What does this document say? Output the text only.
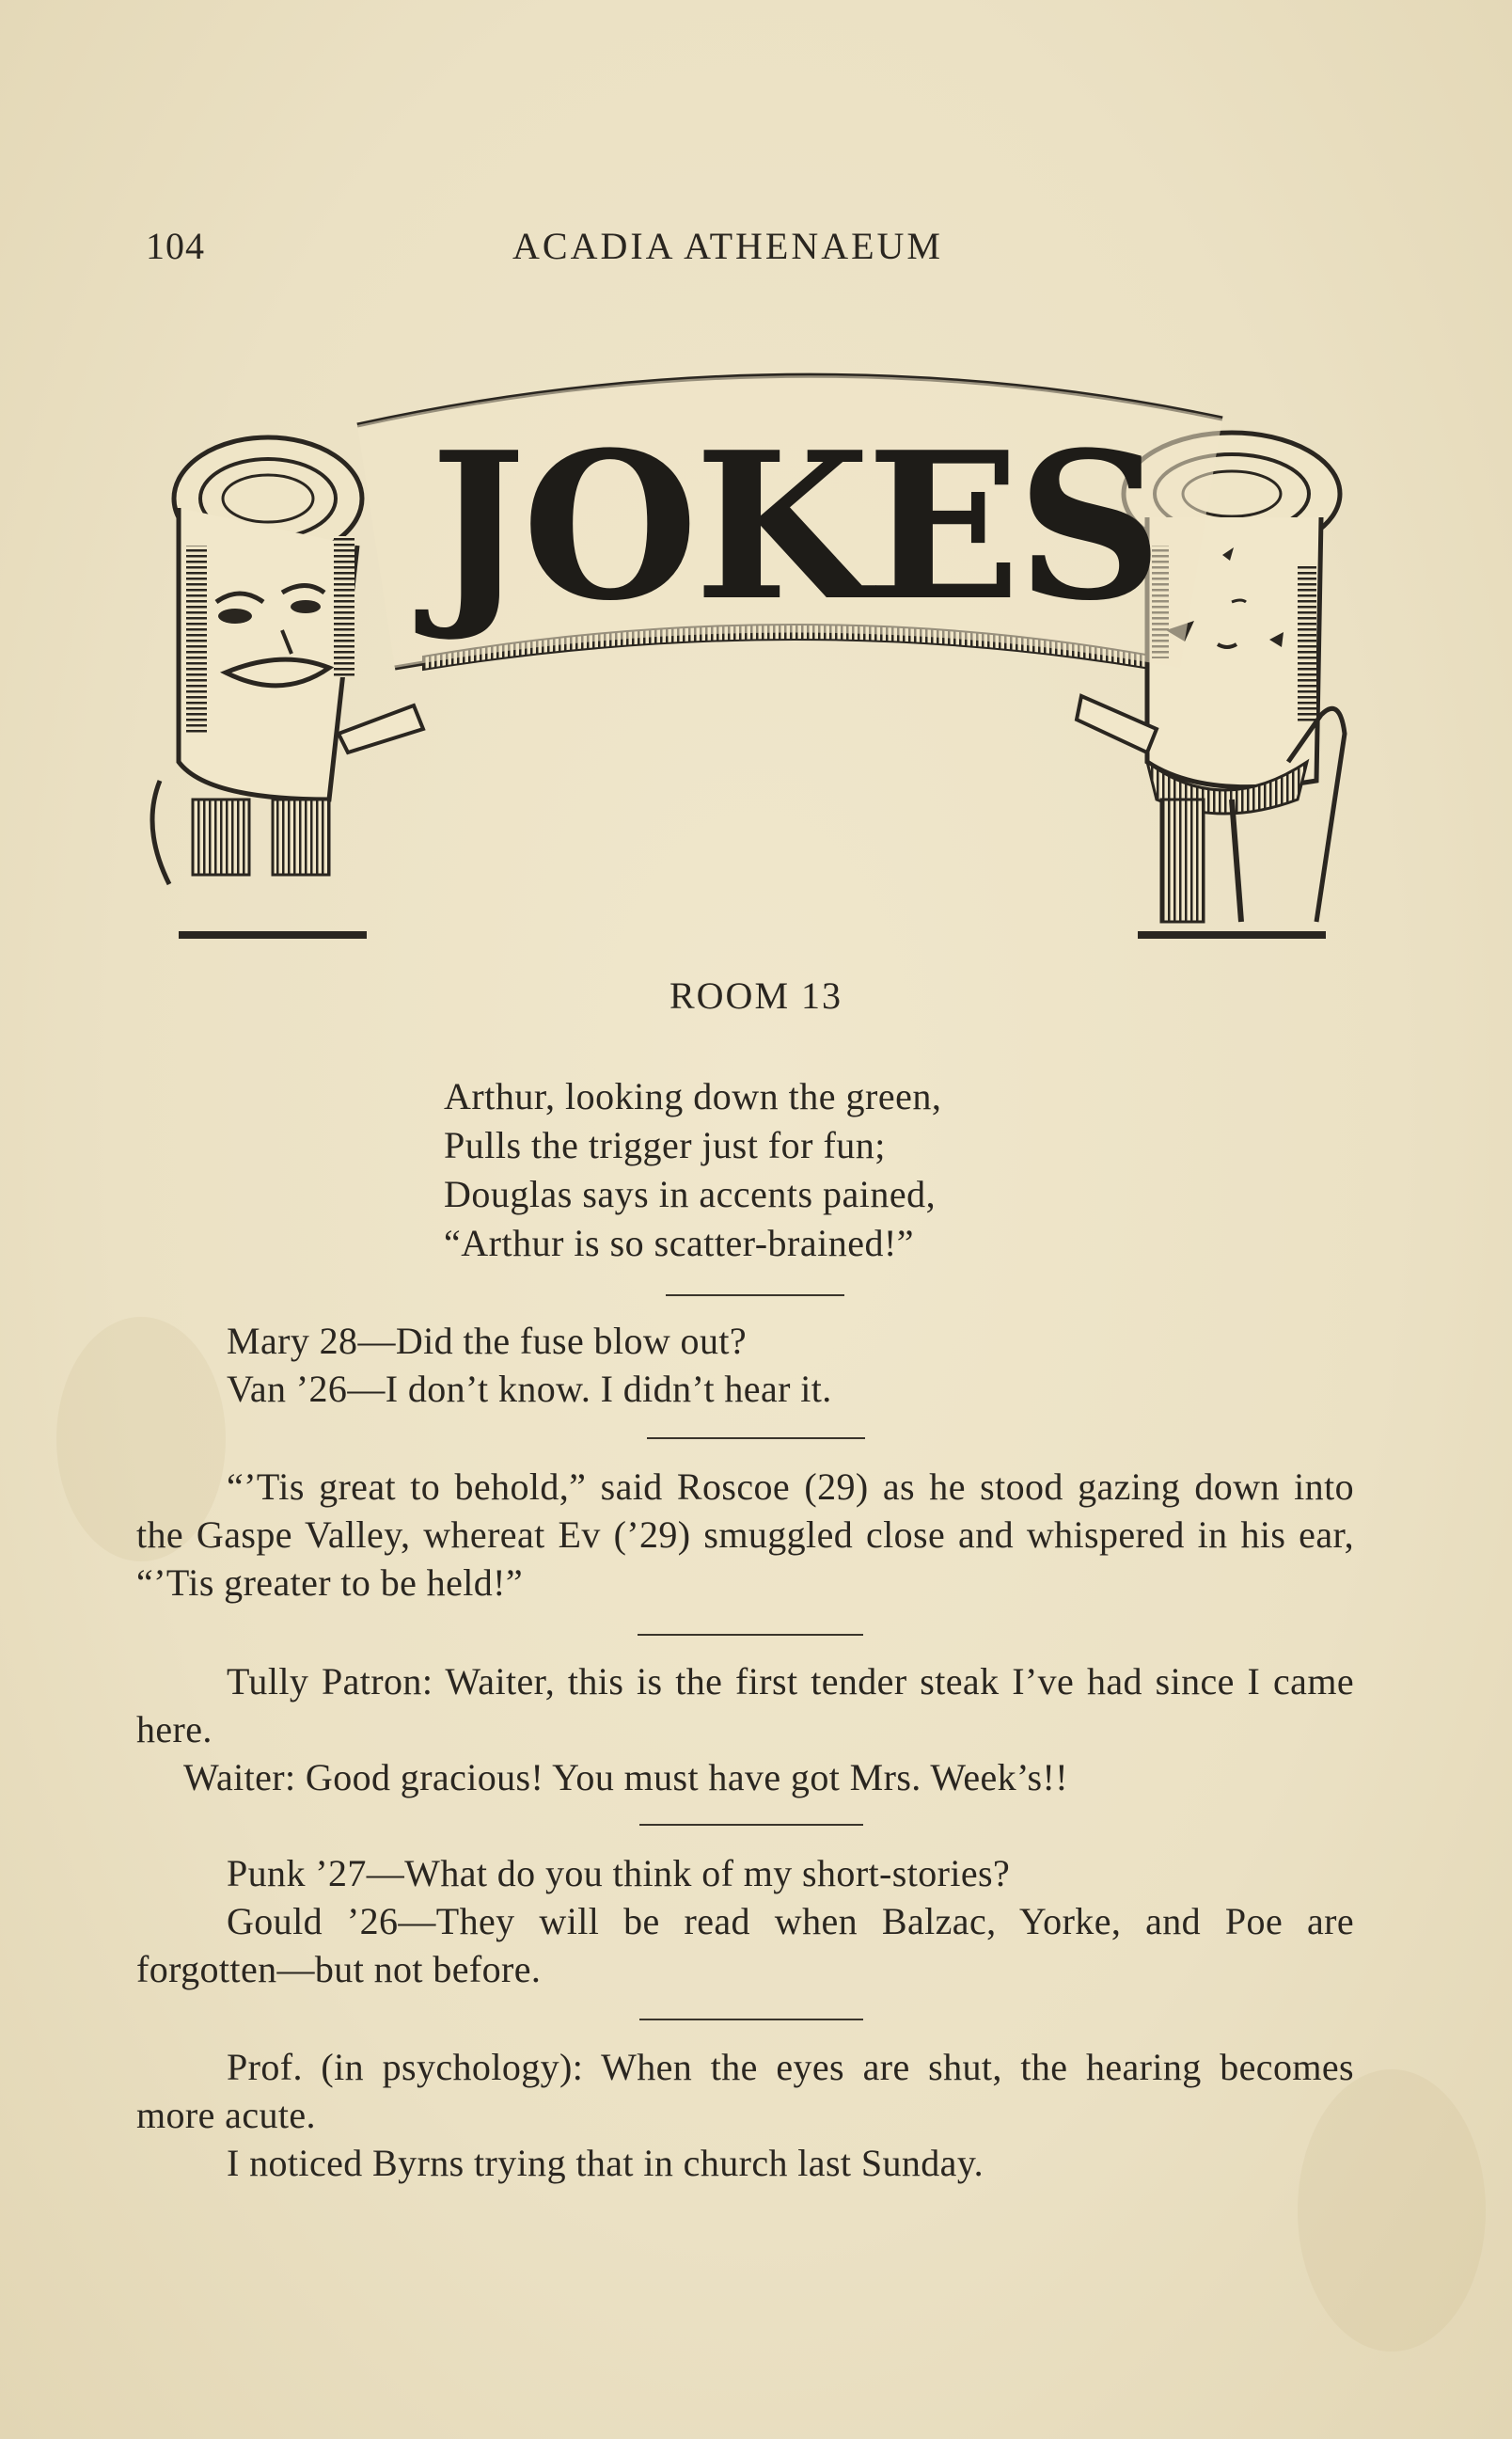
104	ACADIA ATHENAEUM
JOKES
ROOM 13
Arthur, looking down the green,
Pulls the trigger just for fun;
Douglas says in accents pained,
“Arthur is so scatter-brained!”
Mary 28—Did the fuse blow out?
Van ’26—I don’t know. I didn’t hear it.
“’Tis great to behold,” said Roscoe (29) as he stood gazing down into the Gaspe Valley, whereat Ev (’29) smuggled close and whispered in his ear, “’Tis greater to be held!”
Tully Patron: Waiter, this is the first tender steak I’ve had since I came here.
Waiter: Good gracious! You must have got Mrs. Week’s!!
Punk ’27—What do you think of my short-stories?
Gould ’26—They will be read when Balzac, Yorke, and Poe are forgotten—but not before.
Prof. (in psychology): When the eyes are shut, the hearing becomes more acute.
I noticed Byrns trying that in church last Sunday.
